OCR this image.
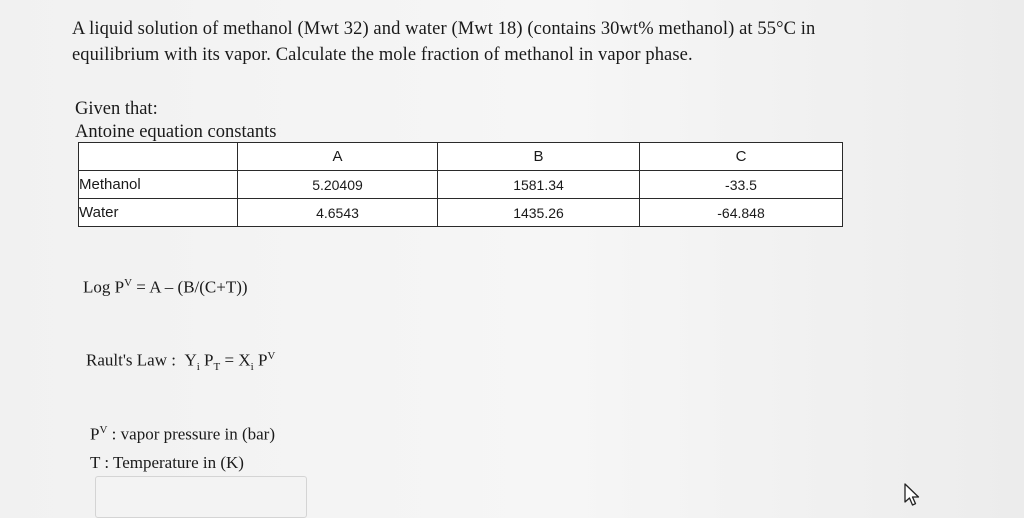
A liquid solution of methanol (Mwt 32) and water (Mwt 18) (contains 30wt% methanol) at 55°C in
equilibrium with its vapor. Calculate the mole fraction of methanol in vapor phase.
Given that:
Antoine equation constants
	A	B	C
Methanol	5.20409	1581.34	-33.5
Water	4.6543	1435.26	-64.848
Log $P^V = A - (B/(C+T))$
Rault's Law : $Y_i$ $P_T = X_i$ $P^V$
$P^V$ : vapor pressure in (bar)
T : Temperature in (K)
